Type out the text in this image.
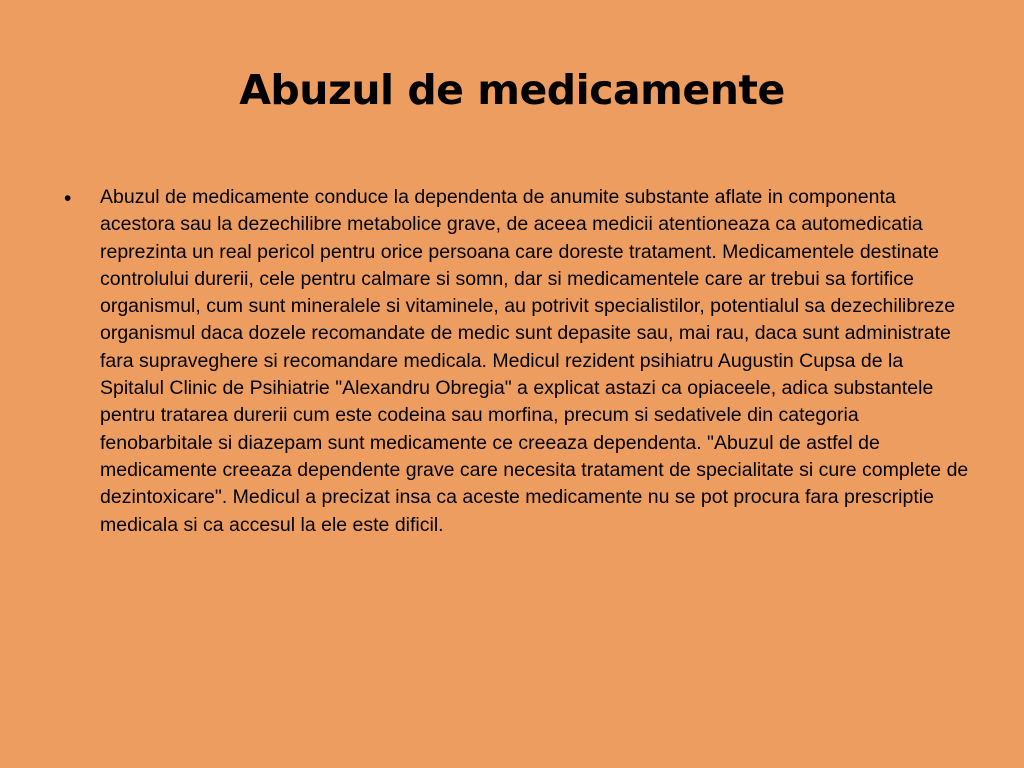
Abuzul de medicamente
• Abuzul de medicamente conduce la dependenta de anumite substante aflate in componenta acestora sau la dezechilibre metabolice grave, de aceea medicii atentioneaza ca automedicatia reprezinta un real pericol pentru orice persoana care doreste tratament. Medicamentele destinate controlului durerii, cele pentru calmare si somn, dar si medicamentele care ar trebui sa fortifice organismul, cum sunt mineralele si vitaminele, au potrivit specialistilor, potentialul sa dezechilibreze organismul daca dozele recomandate de medic sunt depasite sau, mai rau, daca sunt administrate fara supraveghere si recomandare medicala. Medicul rezident psihiatru Augustin Cupsa de la Spitalul Clinic de Psihiatrie "Alexandru Obregia" a explicat astazi ca opiaceele, adica substantele pentru tratarea durerii cum este codeina sau morfina, precum si sedativele din categoria fenobarbitale si diazepam sunt medicamente ce creeaza dependenta. "Abuzul de astfel de medicamente creeaza dependente grave care necesita tratament de specialitate si cure complete de dezintoxicare". Medicul a precizat insa ca aceste medicamente nu se pot procura fara prescriptie medicala si ca accesul la ele este dificil.
